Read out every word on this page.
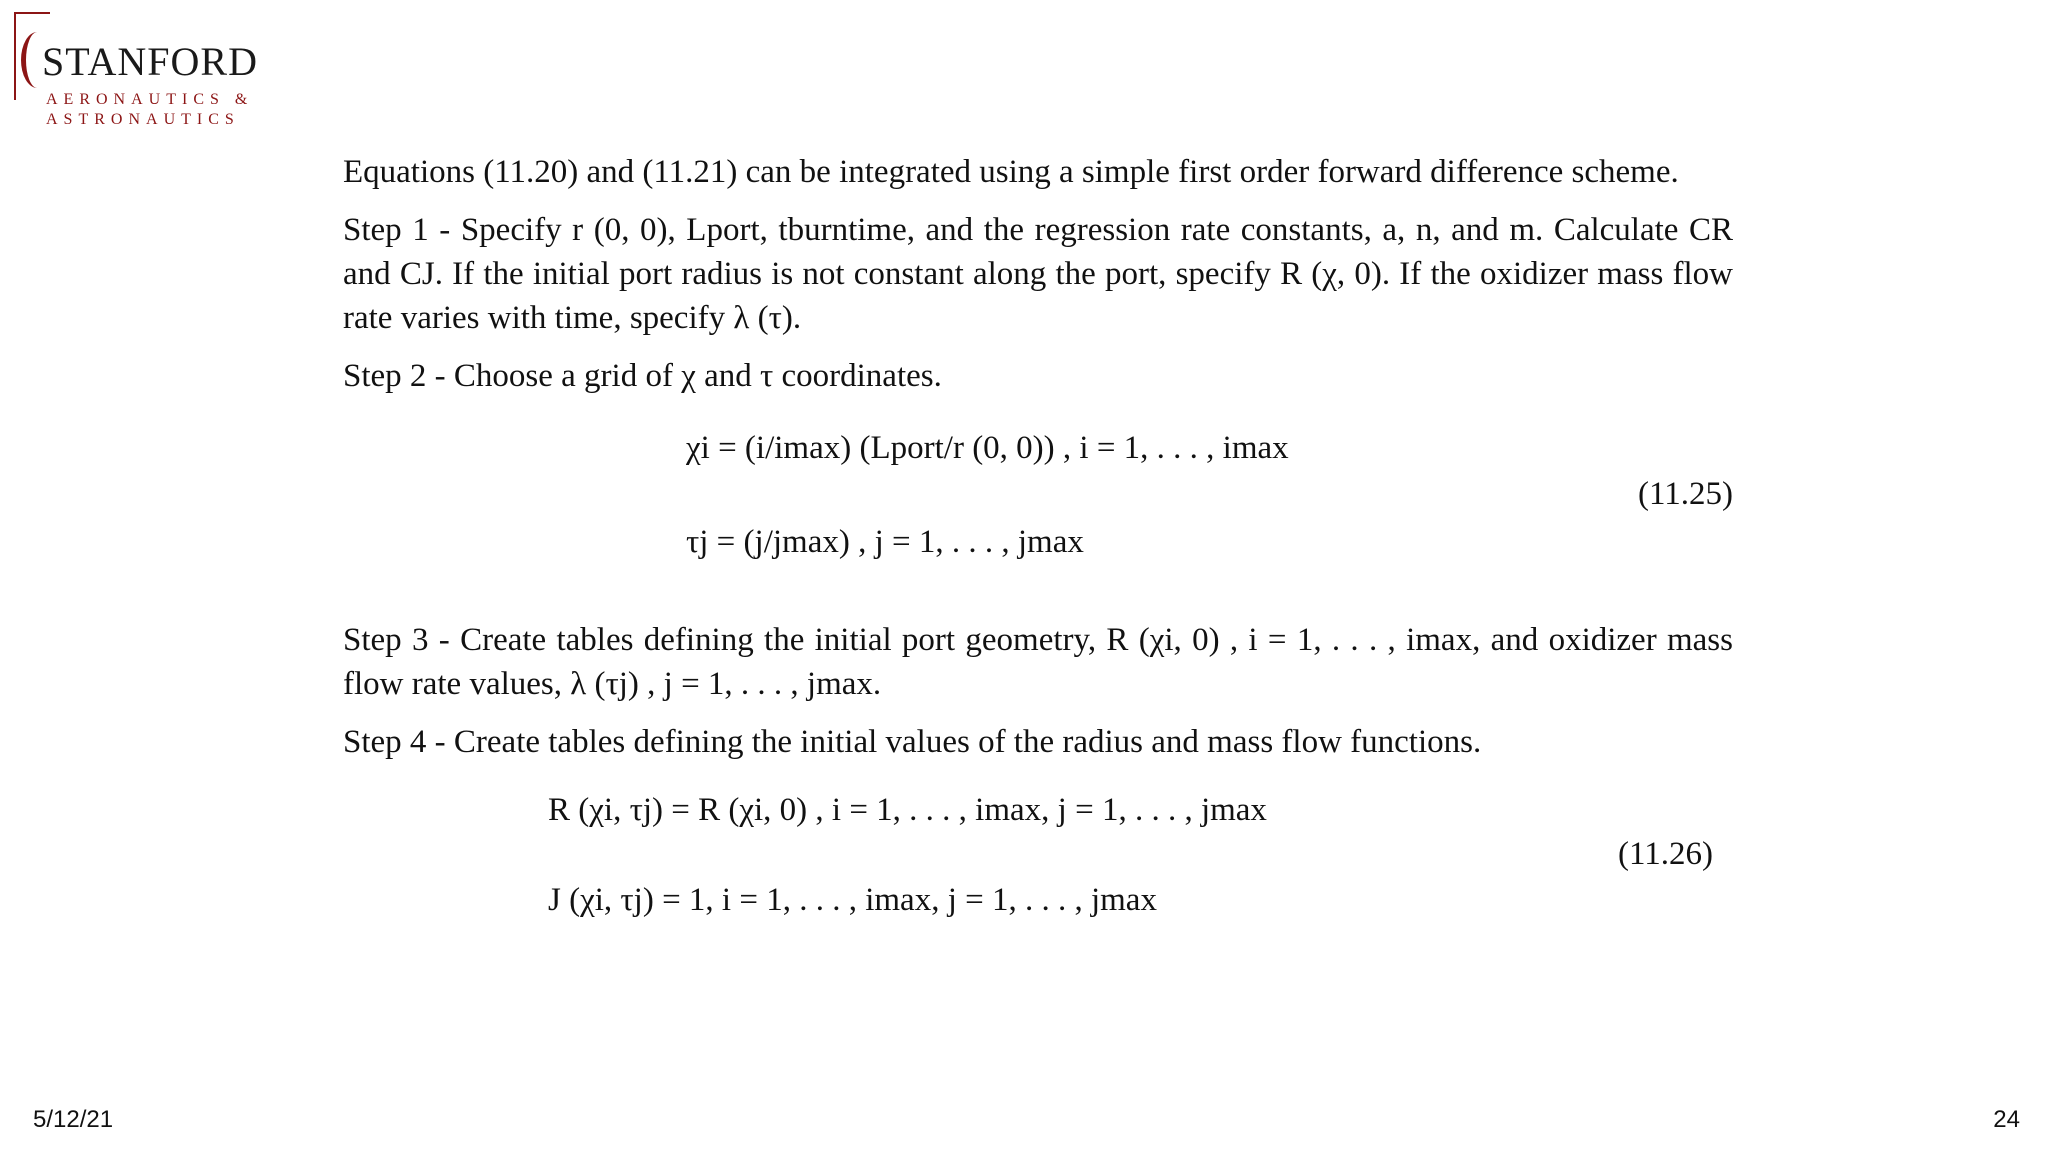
STANFORD
AERONAUTICS &
ASTRONAUTICS

Equations (11.20) and (11.21) can be integrated using a simple first order forward difference scheme.

Step 1 - Specify r (0, 0), Lport, tburntime, and the regression rate constants, a, n, and m. Calculate CR and CJ. If the initial port radius is not constant along the port, specify R (χ, 0). If the oxidizer mass flow rate varies with time, specify λ (τ).

Step 2 - Choose a grid of χ and τ coordinates.

χi = (i/imax) (Lport/r (0, 0)) , i = 1, . . . , imax
τj = (j/jmax) , j = 1, . . . , jmax
(11.25)

Step 3 - Create tables defining the initial port geometry, R (χi, 0) , i = 1, . . . , imax, and oxidizer mass flow rate values, λ (τj) , j = 1, . . . , jmax.

Step 4 - Create tables defining the initial values of the radius and mass flow functions.

R (χi, τj) = R (χi, 0) , i = 1, . . . , imax, j = 1, . . . , jmax
J (χi, τj) = 1, i = 1, . . . , imax, j = 1, . . . , jmax
(11.26)
5/12/21	24
